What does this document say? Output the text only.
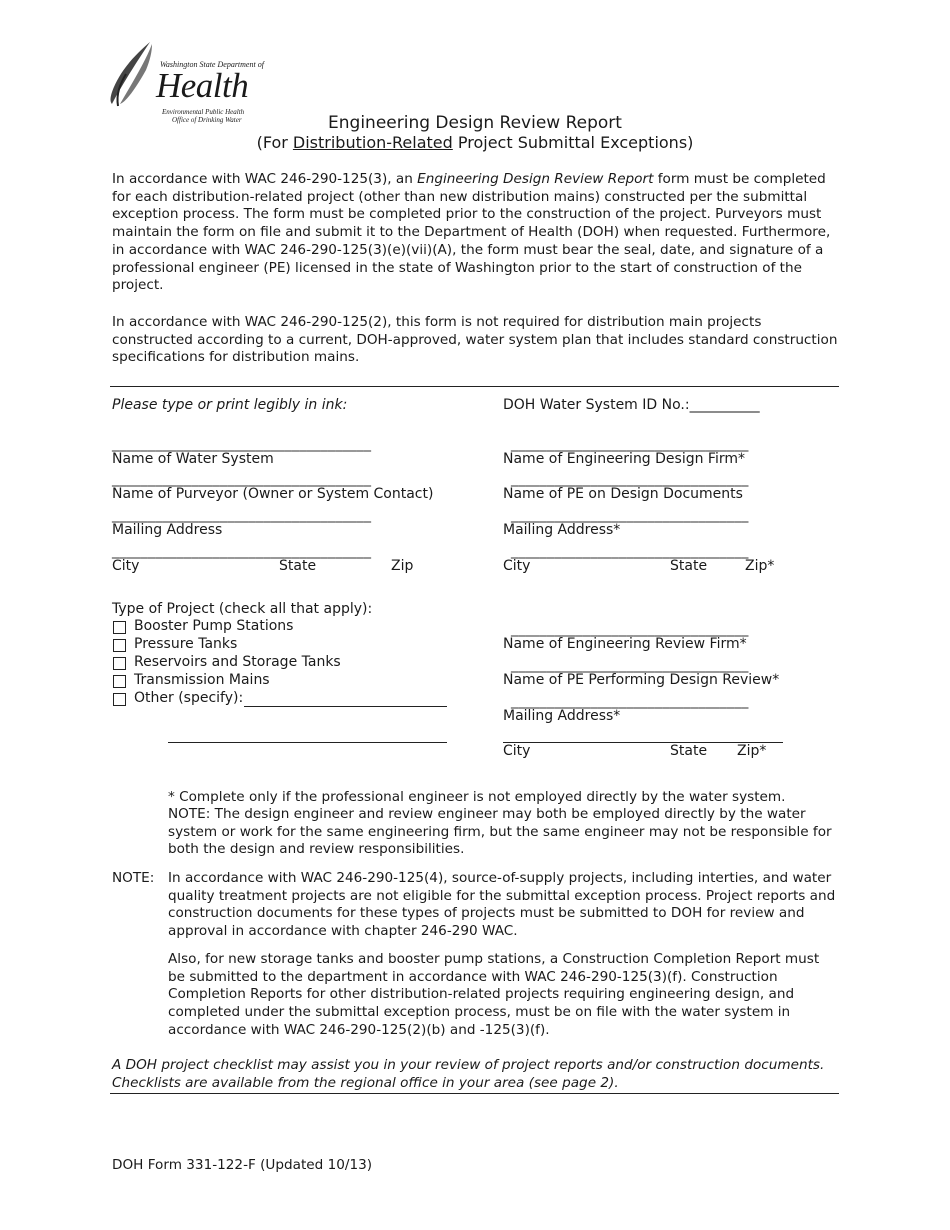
Washington State Department of
Health
Environmental Public Health
Office of Drinking Water	Engineering Design Review Report
(For Distribution-Related Project Submittal Exceptions)
In accordance with WAC 246-290-125(3), an Engineering Design Review Report form must be completed for each distribution-related project (other than new distribution mains) constructed per the submittal exception process. The form must be completed prior to the construction of the project. Purveyors must maintain the form on file and submit it to the Department of Health (DOH) when requested. Furthermore, in accordance with WAC 246-290-125(3)(e)(vii)(A), the form must bear the seal, date, and signature of a professional engineer (PE) licensed in the state of Washington prior to the start of construction of the project.
In accordance with WAC 246-290-125(2), this form is not required for distribution main projects constructed according to a current, DOH-approved, water system plan that includes standard construction specifications for distribution mains.
Please type or print legibly in ink:	DOH Water System ID No.:__________
____________________________________
Name of Water System
____________________________________
Name of Purveyor (Owner or System Contact)
____________________________________
Mailing Address
____________________________________
City	State	Zip
_________________________________
Name of Engineering Design Firm*
_________________________________
Name of PE on Design Documents
_________________________________
Mailing Address*
_________________________________
City	State	Zip*
Type of Project (check all that apply):
Booster Pump Stations
Pressure Tanks
Reservoirs and Storage Tanks
Transmission Mains
Other (specify):
_________________________________
Name of Engineering Review Firm*
_________________________________
Name of PE Performing Design Review*
_________________________________
Mailing Address*
City	State Zip*
* Complete only if the professional engineer is not employed directly by the water system.
NOTE: The design engineer and review engineer may both be employed directly by the water system or work for the same engineering firm, but the same engineer may not be responsible for both the design and review responsibilities.
NOTE: In accordance with WAC 246-290-125(4), source-of-supply projects, including interties, and water quality treatment projects are not eligible for the submittal exception process. Project reports and construction documents for these types of projects must be submitted to DOH for review and approval in accordance with chapter 246-290 WAC.
Also, for new storage tanks and booster pump stations, a Construction Completion Report must be submitted to the department in accordance with WAC 246-290-125(3)(f). Construction Completion Reports for other distribution-related projects requiring engineering design, and completed under the submittal exception process, must be on file with the water system in accordance with WAC 246-290-125(2)(b) and -125(3)(f).
A DOH project checklist may assist you in your review of project reports and/or construction documents. Checklists are available from the regional office in your area (see page 2).
DOH Form 331-122-F (Updated 10/13)
